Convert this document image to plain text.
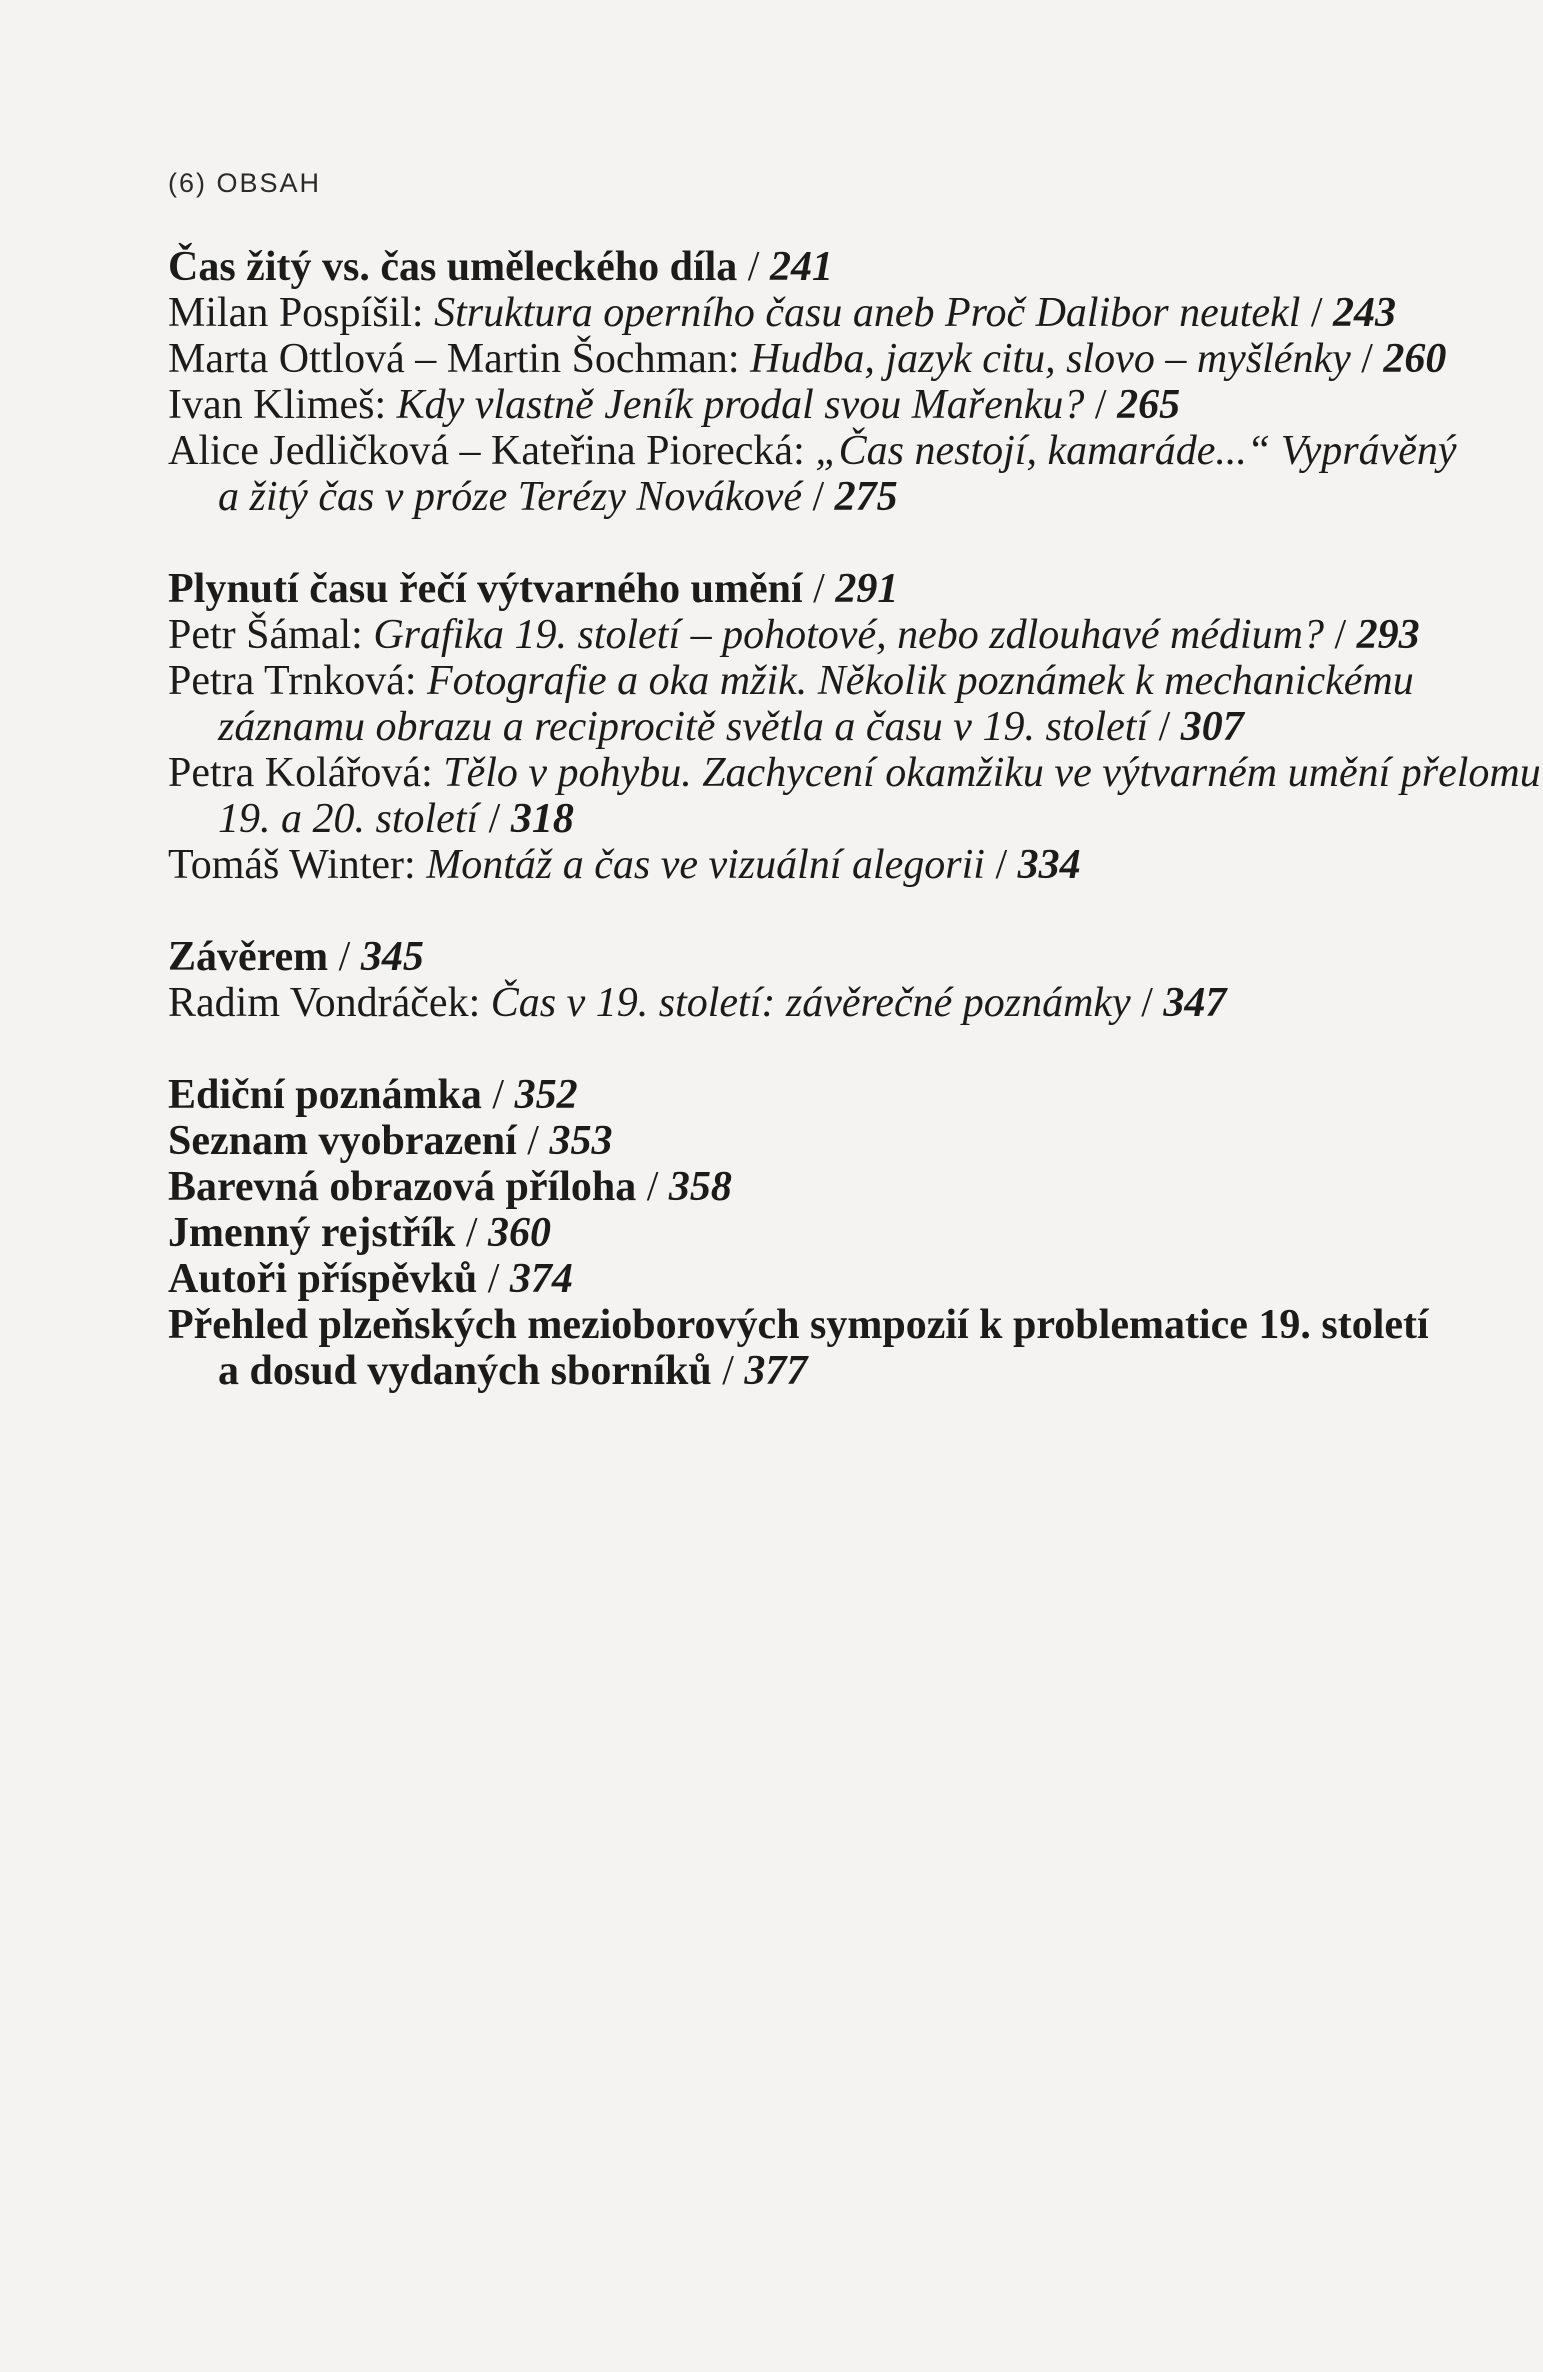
(6) OBSAH
Čas žitý vs. čas uměleckého díla / 241
Milan Pospíšil: Struktura operního času aneb Proč Dalibor neutekl / 243
Marta Ottlová – Martin Šochman: Hudba, jazyk citu, slovo – myšlénky / 260
Ivan Klimeš: Kdy vlastně Jeník prodal svou Mařenku? / 265
Alice Jedličková – Kateřina Piorecká: „Čas nestojí, kamaráde...“ Vyprávěný
a žitý čas v próze Terézy Novákové / 275
Plynutí času řečí výtvarného umění / 291
Petr Šámal: Grafika 19. století – pohotové, nebo zdlouhavé médium? / 293
Petra Trnková: Fotografie a oka mžik. Několik poznámek k mechanickému
záznamu obrazu a reciprocitě světla a času v 19. století / 307
Petra Kolářová: Tělo v pohybu. Zachycení okamžiku ve výtvarném umění přelomu
19. a 20. století / 318
Tomáš Winter: Montáž a čas ve vizuální alegorii / 334
Závěrem / 345
Radim Vondráček: Čas v 19. století: závěrečné poznámky / 347
Ediční poznámka / 352
Seznam vyobrazení / 353
Barevná obrazová příloha / 358
Jmenný rejstřík / 360
Autoři příspěvků / 374
Přehled plzeňských mezioborových sympozií k problematice 19. století
a dosud vydaných sborníků / 377
